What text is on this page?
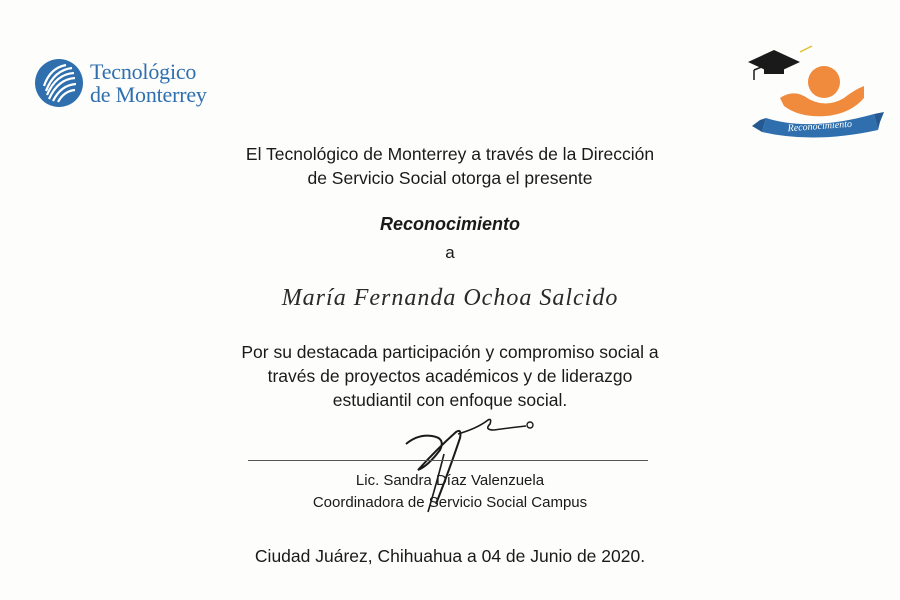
Tecnológico
de Monterrey
Reconocimiento
El Tecnológico de Monterrey a través de la Dirección
de Servicio Social otorga el presente
Reconocimiento
a
María Fernanda Ochoa Salcido
Por su destacada participación y compromiso social a
través de proyectos académicos y de liderazgo
estudiantil con enfoque social.
Lic. Sandra Díaz Valenzuela
Coordinadora de Servicio Social Campus
Ciudad Juárez, Chihuahua a 04 de Junio de 2020.
